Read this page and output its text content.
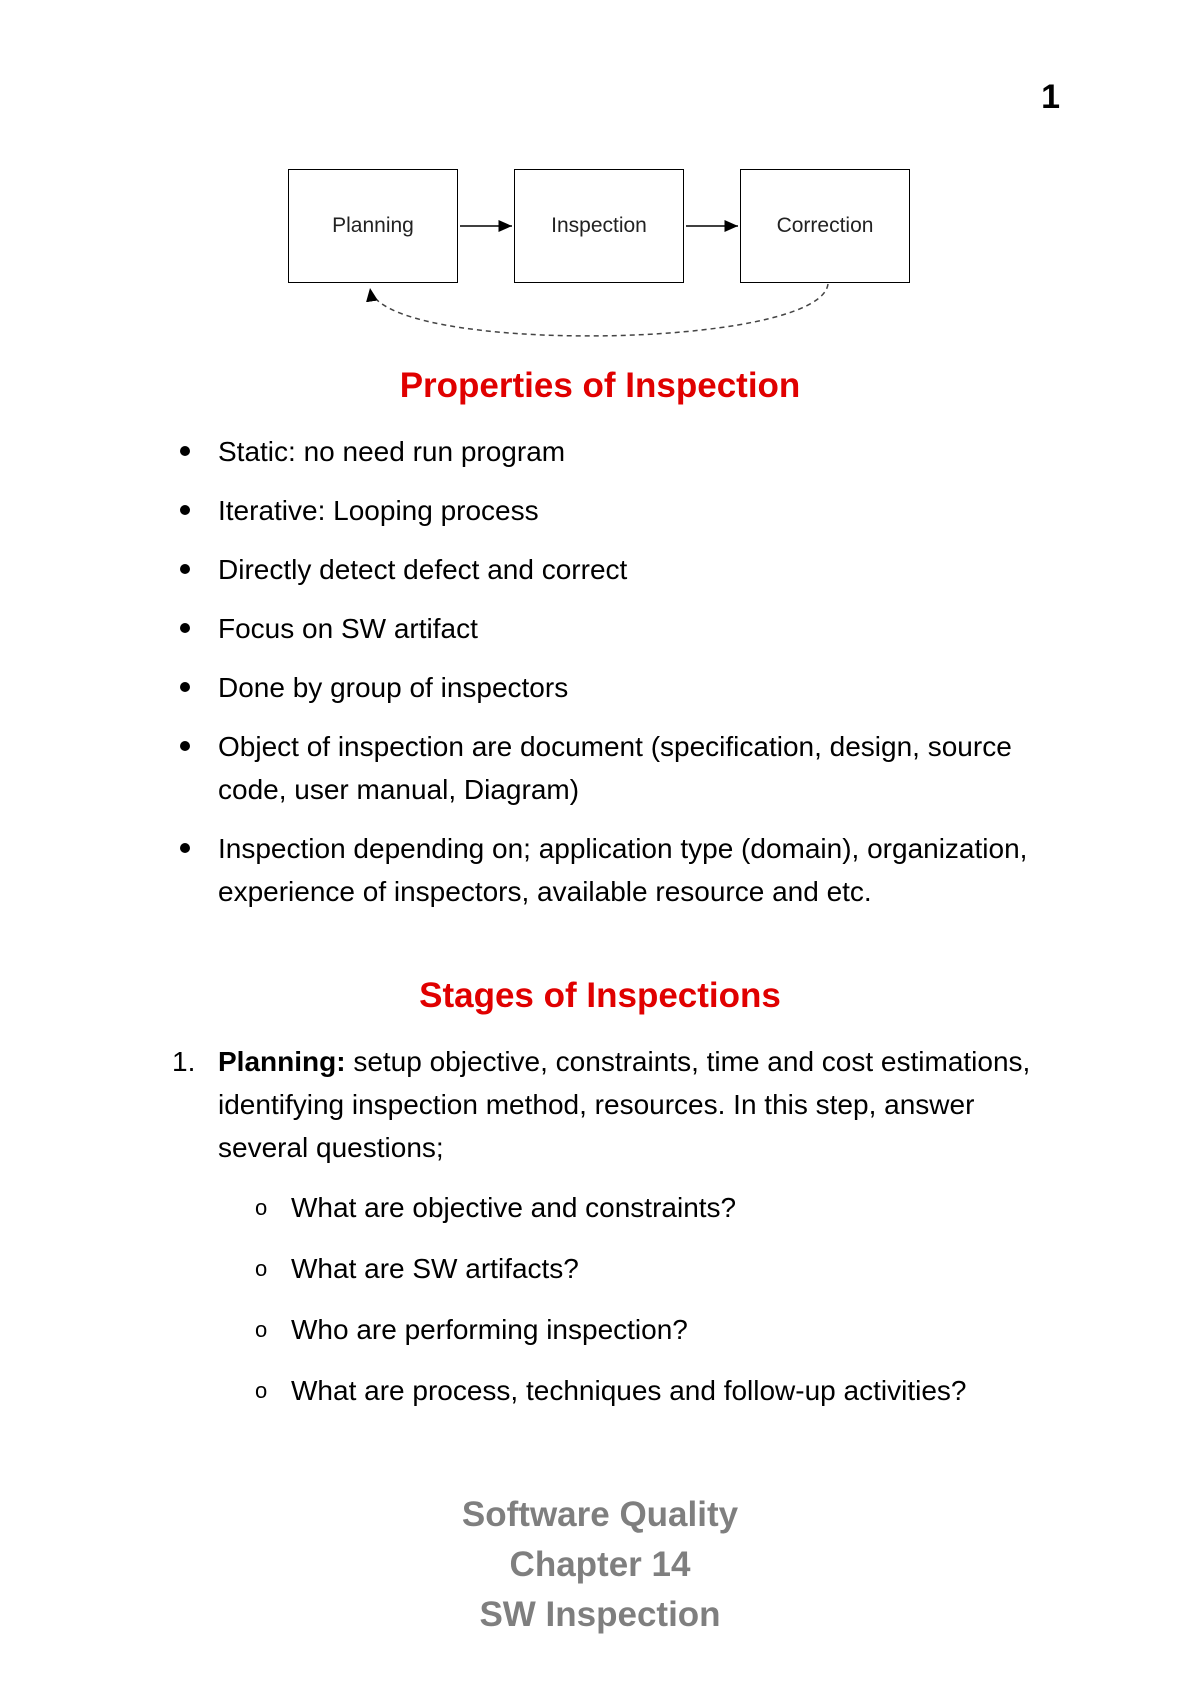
1
Planning	Inspection	Correction
Properties of Inspection
Static: no need run program
Iterative: Looping process
Directly detect defect and correct
Focus on SW artifact
Done by group of inspectors
Object of inspection are document (specification, design, source code, user manual, Diagram)
Inspection depending on; application type (domain), organization, experience of inspectors, available resource and etc.
Stages of Inspections
1. Planning: setup objective, constraints, time and cost estimations, identifying inspection method, resources. In this step, answer several questions;
o What are objective and constraints?
o What are SW artifacts?
o Who are performing inspection?
o What are process, techniques and follow-up activities?
Software Quality
Chapter 14
SW Inspection
